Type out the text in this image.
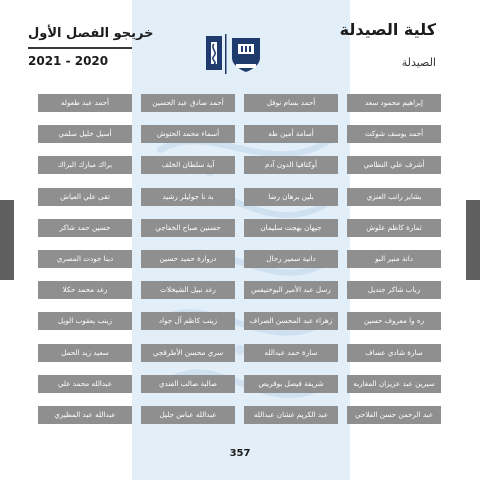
كلية الصيدلة
الصيدلة
خريجو الفصل الأول
2021 - 2020
إبراهيم محمود سعد
أحمد بسام نوفل
أحمد صادق عبد الحسين
أحمد عبد طعوله
أحمد يوسف شوكت
أسامة أمين طه
أسماء محمد الحتوش
أسيل خليل سلمي
أشرف علي النظامي
أوكتافيا الدون آدم
آية سلطان الخلف
براك مبارك البراك
بشاير راتب العنزي
بلين برهان رضا
بة نا جوليلر رشيد
تقى علي العياش
ثمارة كاظم علوش
جيهان بهجت سليمان
حسنين صباح الخفاجي
حسين حمد شاكر
دانة منير البو
دانية سمير رحال
دروازة حميد حسين
دينا جودت المصري
رباب شاكر جنديل
رسل عبد الأمير البوخنيفس
رغد نبيل الشيخلات
رغد محمد حكلا
ره وا معروف حسين
زهراء عبد المحسن الصراف
زينب كاظم آل جواد
زينب يعقوب الويل
سارة شادي عساف
سارة حمد عبدالله
سري محسن الأطرقجي
سعيد زيد الحمل
سيرين عبد عزيزان المغاربه
شريفة فيصل بوقريص
صالبة صالب الفندي
عبدالله محمد علي
عبد الرحمن حسن الفلاحي
عبد الكريم غشان عبدالله
عبدالله عباس جليل
عبدالله عبد المطيري
357
